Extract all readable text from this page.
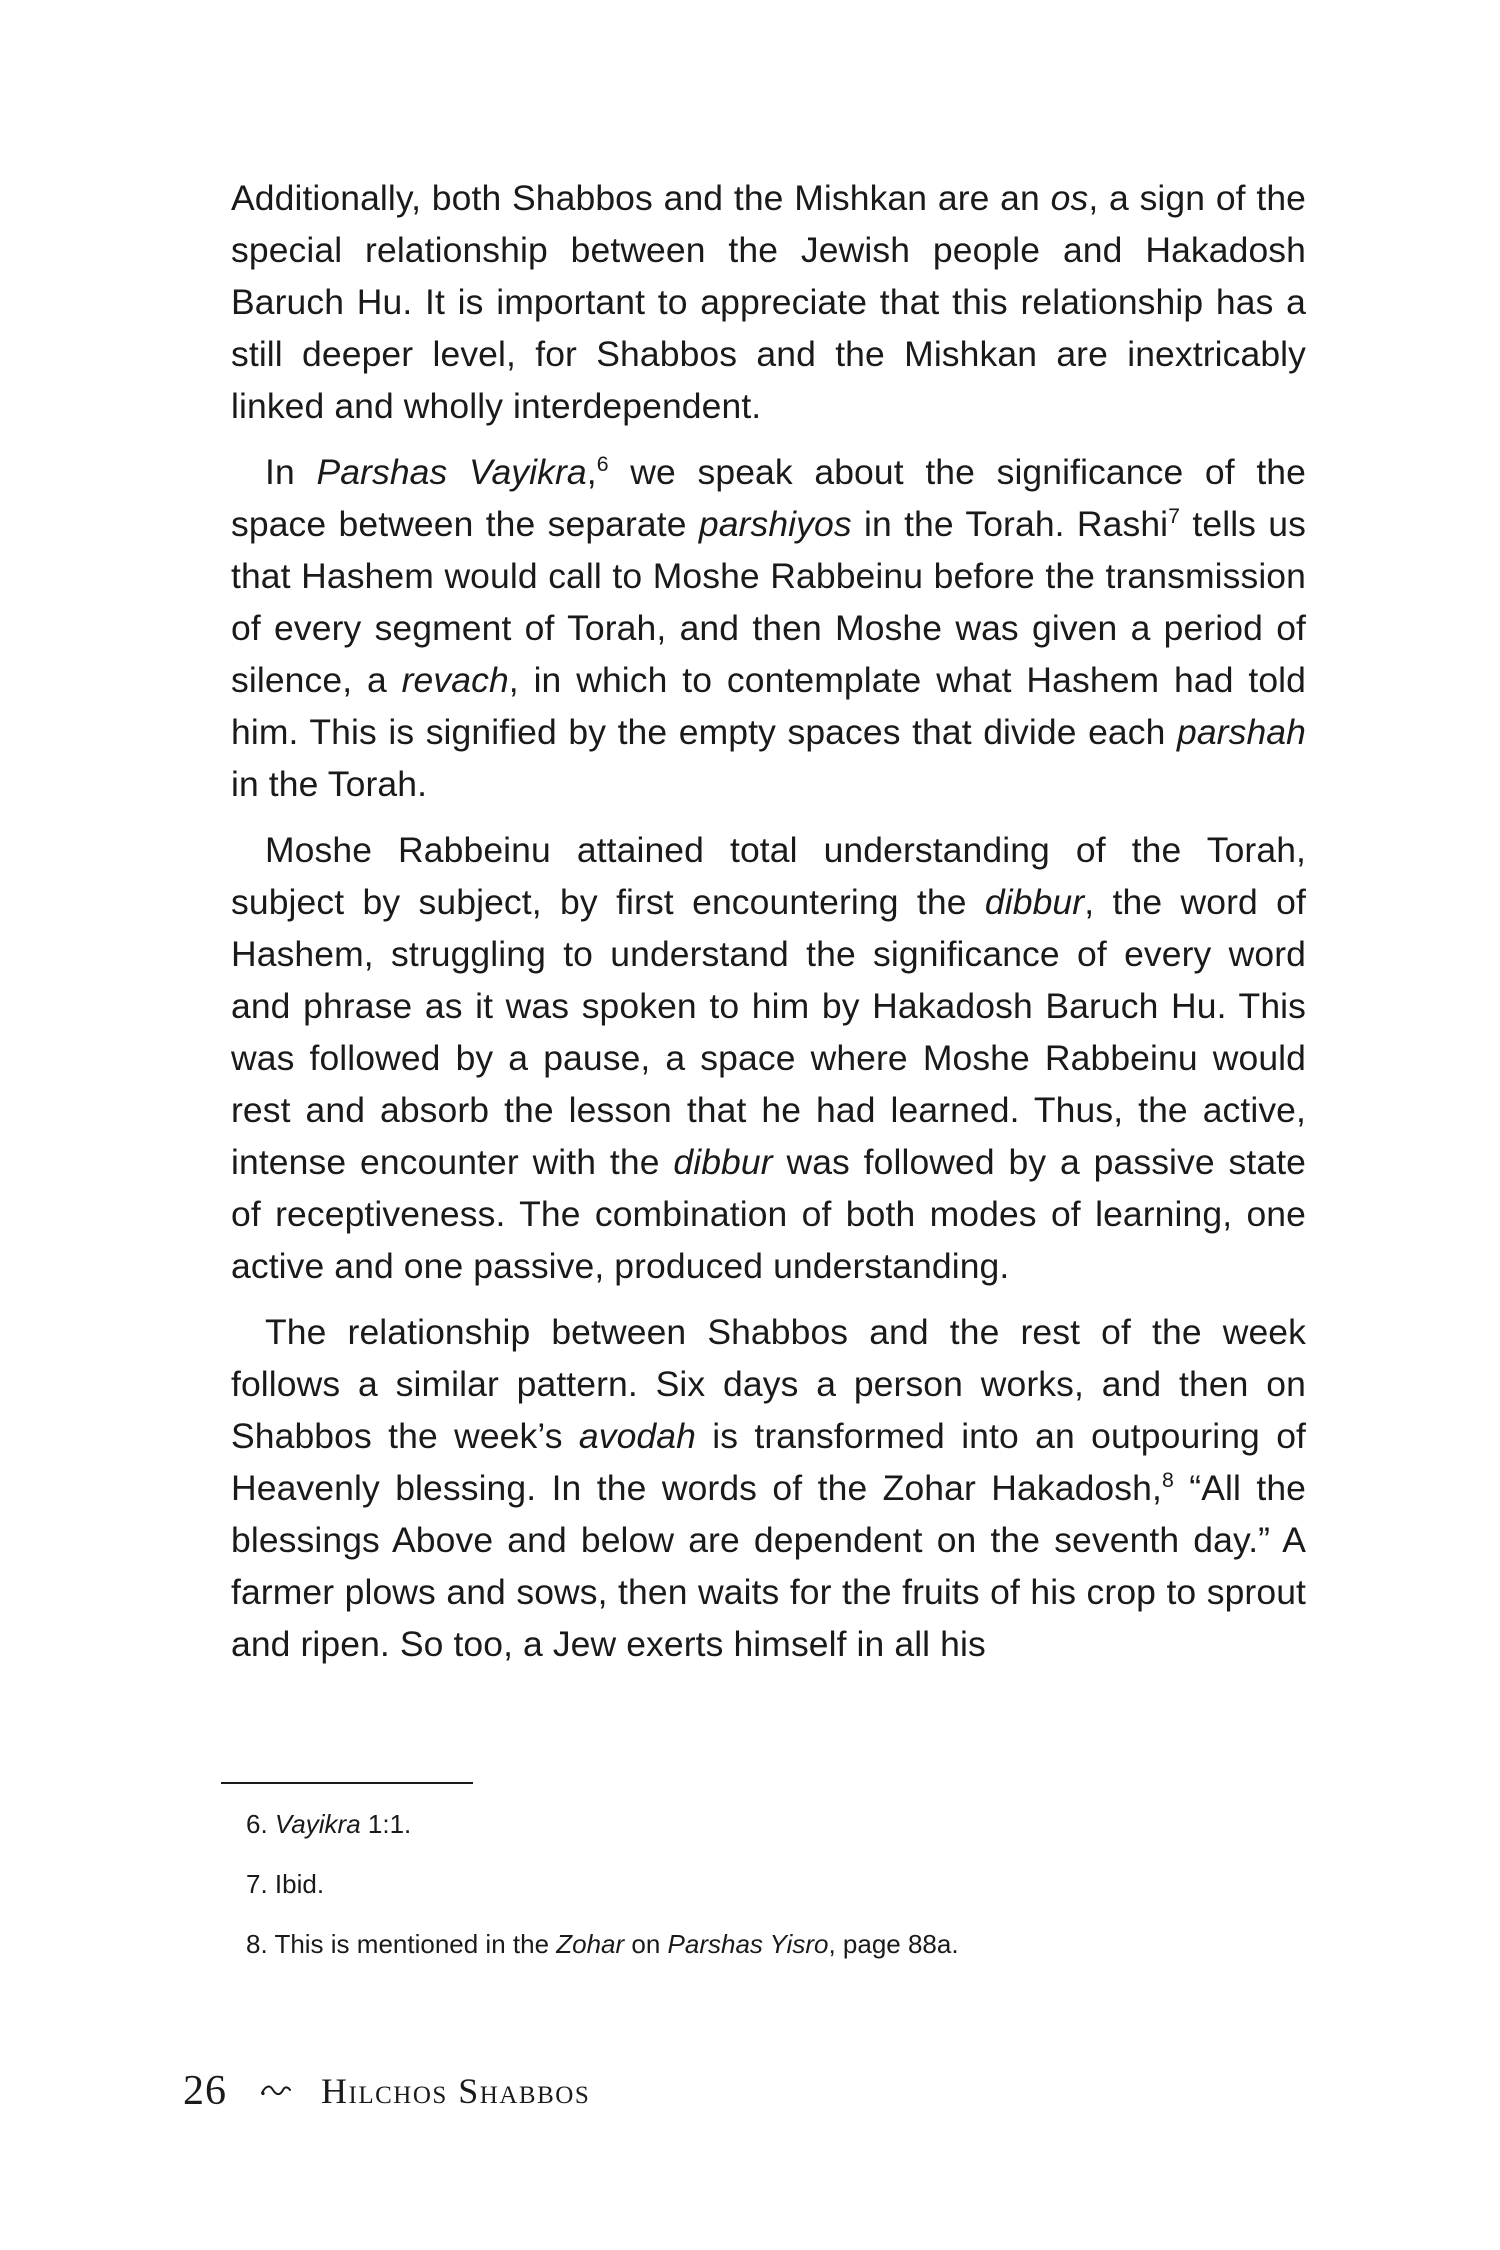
Additionally, both Shabbos and the Mishkan are an os, a sign of the special relationship between the Jewish people and Hakadosh Baruch Hu. It is important to appreciate that this relationship has a still deeper level, for Shabbos and the Mishkan are inextricably linked and wholly interdependent.

In Parshas Vayikra,$^6$ we speak about the significance of the space between the separate parshiyos in the Torah. Rashi$^7$ tells us that Hashem would call to Moshe Rabbeinu before the transmission of every segment of Torah, and then Moshe was given a period of silence, a revach, in which to contemplate what Hashem had told him. This is signified by the empty spaces that divide each parshah in the Torah.

Moshe Rabbeinu attained total understanding of the Torah, subject by subject, by first encountering the dibbur, the word of Hashem, struggling to understand the significance of every word and phrase as it was spoken to him by Hakadosh Baruch Hu. This was followed by a pause, a space where Moshe Rabbeinu would rest and absorb the lesson that he had learned. Thus, the active, intense encounter with the dibbur was followed by a passive state of receptiveness. The combination of both modes of learning, one active and one passive, produced understanding.

The relationship between Shabbos and the rest of the week follows a similar pattern. Six days a person works, and then on Shabbos the week’s avodah is transformed into an outpouring of Heavenly blessing. In the words of the Zohar Hakadosh,$^8$ “All the blessings Above and below are dependent on the seventh day.” A farmer plows and sows, then waits for the fruits of his crop to sprout and ripen. So too, a Jew exerts himself in all his

6. Vayikra 1:1.
7. Ibid.
8. This is mentioned in the Zohar on Parshas Yisro, page 88a.
26	Hilchos Shabbos
